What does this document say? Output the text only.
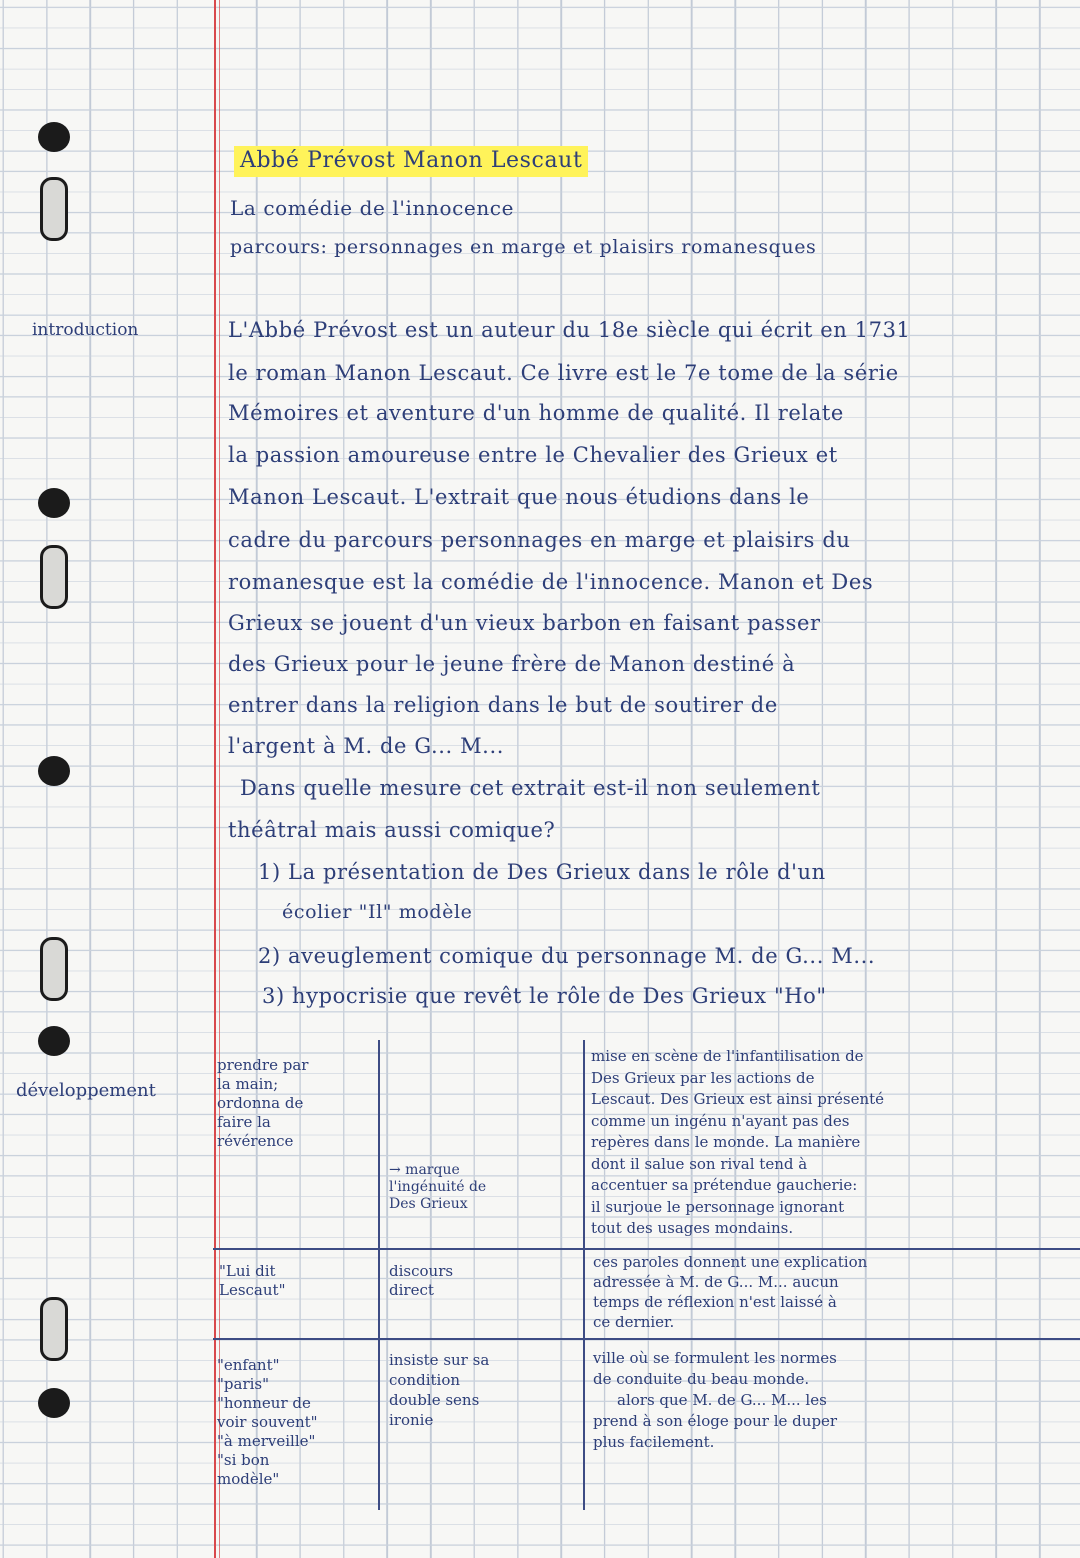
Abbé Prévost Manon Lescaut
La comédie de l'innocence
parcours: personnages en marge et plaisirs romanesques
introduction	L'Abbé Prévost est un auteur du 18e siècle qui écrit en 1731
le roman Manon Lescaut. Ce livre est le 7e tome de la série
Mémoires et aventure d'un homme de qualité. Il relate
la passion amoureuse entre le Chevalier des Grieux et
Manon Lescaut. L'extrait que nous étudions dans le
cadre du parcours personnages en marge et plaisirs du
romanesque est la comédie de l'innocence. Manon et Des
Grieux se jouent d'un vieux barbon en faisant passer
des Grieux pour le jeune frère de Manon destiné à
entrer dans la religion dans le but de soutirer de
l'argent à M. de G... M...
Dans quelle mesure cet extrait est-il non seulement
théâtral mais aussi comique?
1) La présentation de Des Grieux dans le rôle d'un
écolier "Il" modèle
2) aveuglement comique du personnage M. de G... M...
3) hypocrisie que revêt le rôle de Des Grieux "Ho"
développement
prendre par
la main;
ordonna de
faire la
révérence
→ marque
l'ingénuité de
Des Grieux
mise en scène de l'infantilisation de
Des Grieux par les actions de
Lescaut. Des Grieux est ainsi présenté
comme un ingénu n'ayant pas des
repères dans le monde. La manière
dont il salue son rival tend à
accentuer sa prétendue gaucherie:
il surjoue le personnage ignorant
tout des usages mondains.
"Lui dit
Lescaut"
discours
direct
ces paroles donnent une explication
adressée à M. de G... M... aucun
temps de réflexion n'est laissé à
ce dernier.
"enfant"
"paris"
"honneur de
voir souvent"
"à merveille"
"si bon
modèle"
insiste sur sa
condition
double sens
ironie
ville où se formulent les normes
de conduite du beau monde.
alors que M. de G... M... les
prend à son éloge pour le duper
plus facilement.
